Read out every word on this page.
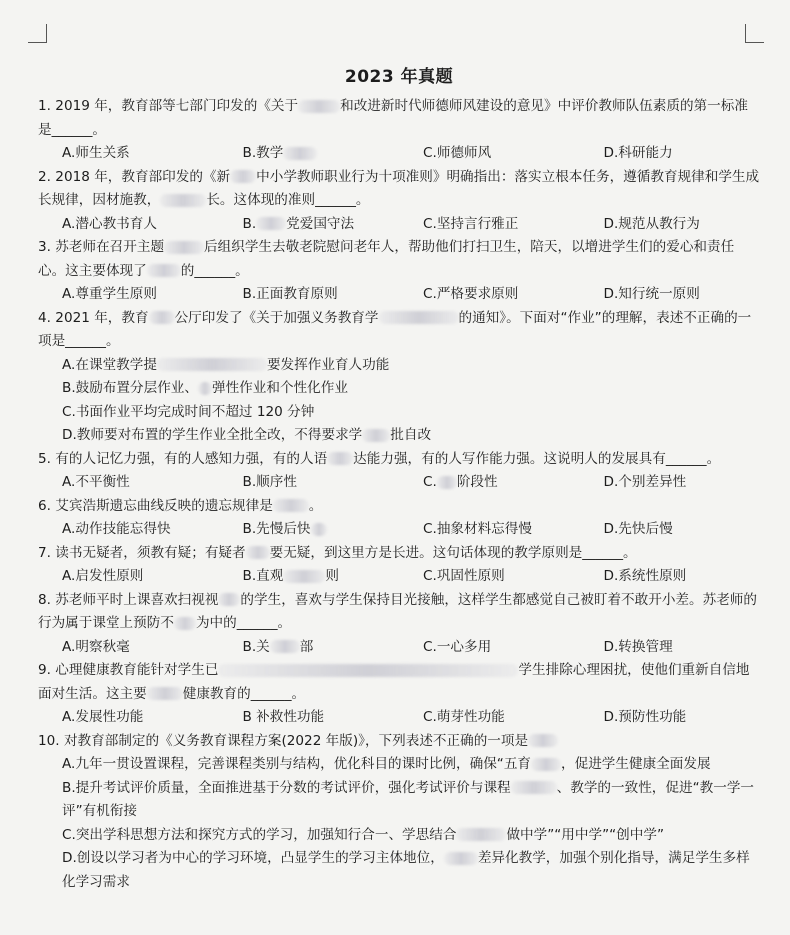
2023 年真题
1. 2019 年，教育部等七部门印发的《关于	和改进新时代师德师风建设的意见》中评价教师队伍素质的第一标准是______。
A.师生关系	B.教学	C.师德师风	D.科研能力
2. 2018 年，教育部印发的《新 中小学教师职业行为十项准则》明确指出：落实立根本任务，遵循教育规律和学生成长规律，因材施教，	长。这体现的准则______。
A.潜心教书育人	B. 党爱国守法	C.坚持言行雅正	D.规范从教行为
3. 苏老师在召开主题	后组织学生去敬老院慰问老年人，帮助他们打扫卫生，陪天，以增进学生们的爱心和责任心。这主要体现了	的______。
A.尊重学生原则	B.正面教育原则	C.严格要求原则	D.知行统一原则
4. 2021 年，教育 公厅印发了《关于加强义务教育学	的通知》。下面对“作业”的理解，表述不正确的一项是______。
A.在课堂教学提	要发挥作业育人功能
B.鼓励布置分层作业、 弹性作业和个性化作业
C.书面作业平均完成时间不超过 120 分钟
D.教师要对布置的学生作业全批全改，不得要求学 批自改
5. 有的人记忆力强，有的人感知力强，有的人语 达能力强，有的人写作能力强。这说明人的发展具有______。
A.不平衡性	B.顺序性	C. 阶段性	D.个别差异性
6. 艾宾浩斯遗忘曲线反映的遗忘规律是	。
A.动作技能忘得快	B.先慢后快	C.抽象材料忘得慢	D.先快后慢
7. 读书无疑者，须教有疑；有疑者 要无疑，到这里方是长进。这句话体现的教学原则是______。
A.启发性原则	B.直观	则	C.巩固性原则	D.系统性原则
8. 苏老师平时上课喜欢扫视视 的学生，喜欢与学生保持目光接触，这样学生都感觉自己被盯着不敢开小差。苏老师的行为属于课堂上预防不 为中的______。
A.明察秋毫	B.关 部	C.一心多用	D.转换管理
9. 心理健康教育能针对学生已	学生排除心理困扰，使他们重新自信地面对生活。这主要	健康教育的______。
A.发展性功能	B 补救性功能	C.萌芽性功能	D.预防性功能
10. 对教育部制定的《义务教育课程方案(2022 年版)》，下列表述不正确的一项是
A.九年一贯设置课程，完善课程类别与结构，优化科目的课时比例，确保“五育 ，促进学生健康全面发展
B.提升考试评价质量，全面推进基于分数的考试评价，强化考试评价与课程	、教学的一致性，促进“教一学一评”有机衔接
C.突出学科思想方法和探究方式的学习，加强知行合一、学思结合	做中学”“用中学”“创中学”
D.创设以学习者为中心的学习环境，凸显学生的学习主体地位，	差异化教学，加强个别化指导，满足学生多样化学习需求
